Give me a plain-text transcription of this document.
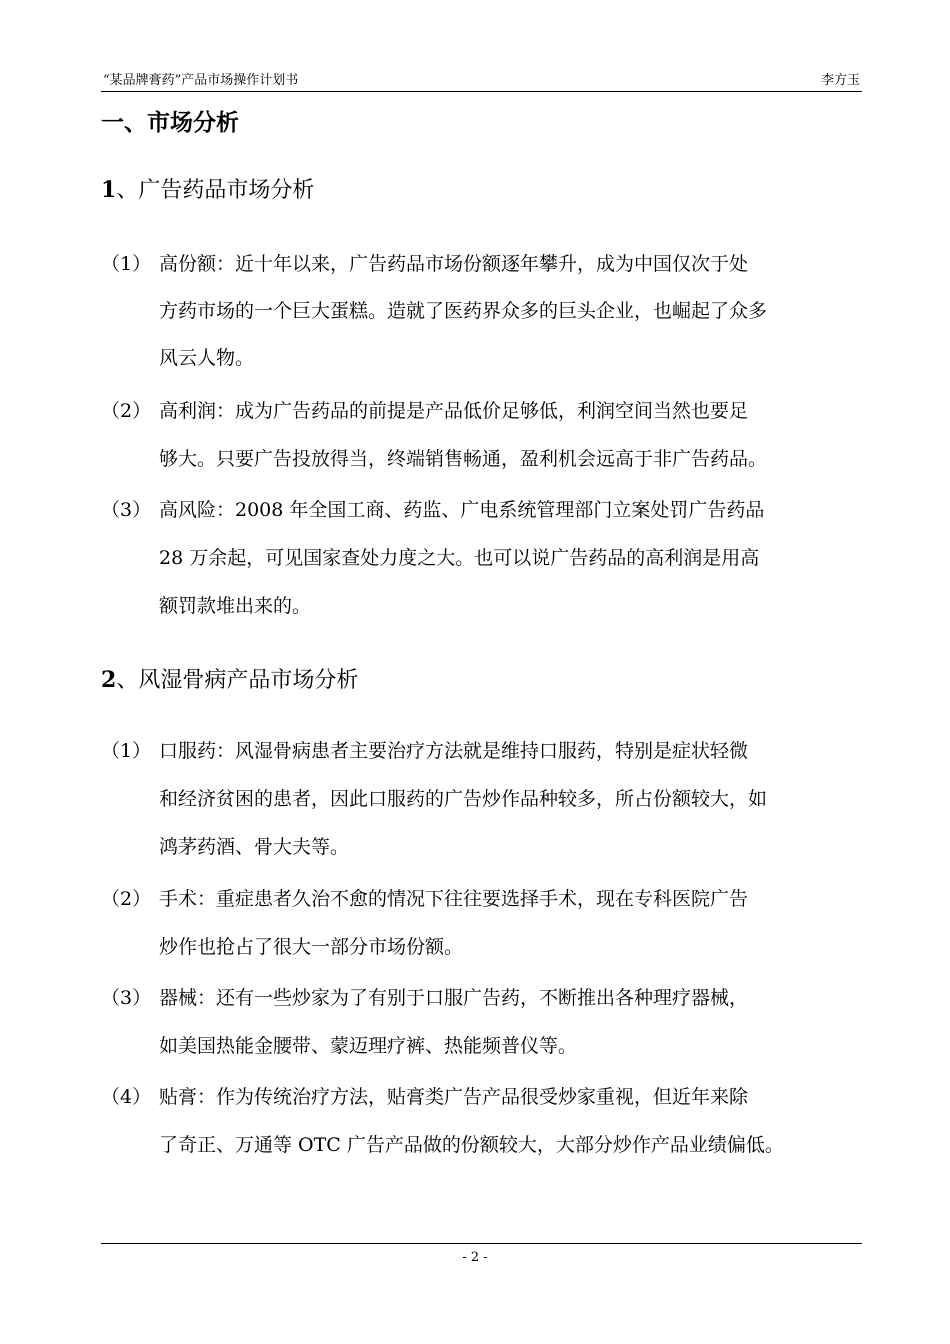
“某品牌膏药”产品市场操作计划书	李方玉
一、市场分析
1、广告药品市场分析
（1） 高份额：近十年以来，广告药品市场份额逐年攀升，成为中国仅次于处
方药市场的一个巨大蛋糕。造就了医药界众多的巨头企业，也崛起了众多
风云人物。
（2） 高利润：成为广告药品的前提是产品低价足够低，利润空间当然也要足
够大。只要广告投放得当，终端销售畅通，盈利机会远高于非广告药品。
（3） 高风险：2008 年全国工商、药监、广电系统管理部门立案处罚广告药品
28 万余起，可见国家查处力度之大。也可以说广告药品的高利润是用高
额罚款堆出来的。
2、风湿骨病产品市场分析
（1） 口服药：风湿骨病患者主要治疗方法就是维持口服药，特别是症状轻微
和经济贫困的患者，因此口服药的广告炒作品种较多，所占份额较大，如
鸿茅药酒、骨大夫等。
（2） 手术：重症患者久治不愈的情况下往往要选择手术，现在专科医院广告
炒作也抢占了很大一部分市场份额。
（3） 器械：还有一些炒家为了有别于口服广告药，不断推出各种理疗器械，
如美国热能金腰带、蒙迈理疗裤、热能频普仪等。
（4） 贴膏：作为传统治疗方法，贴膏类广告产品很受炒家重视，但近年来除
了奇正、万通等 OTC 广告产品做的份额较大，大部分炒作产品业绩偏低。
- 2 -
